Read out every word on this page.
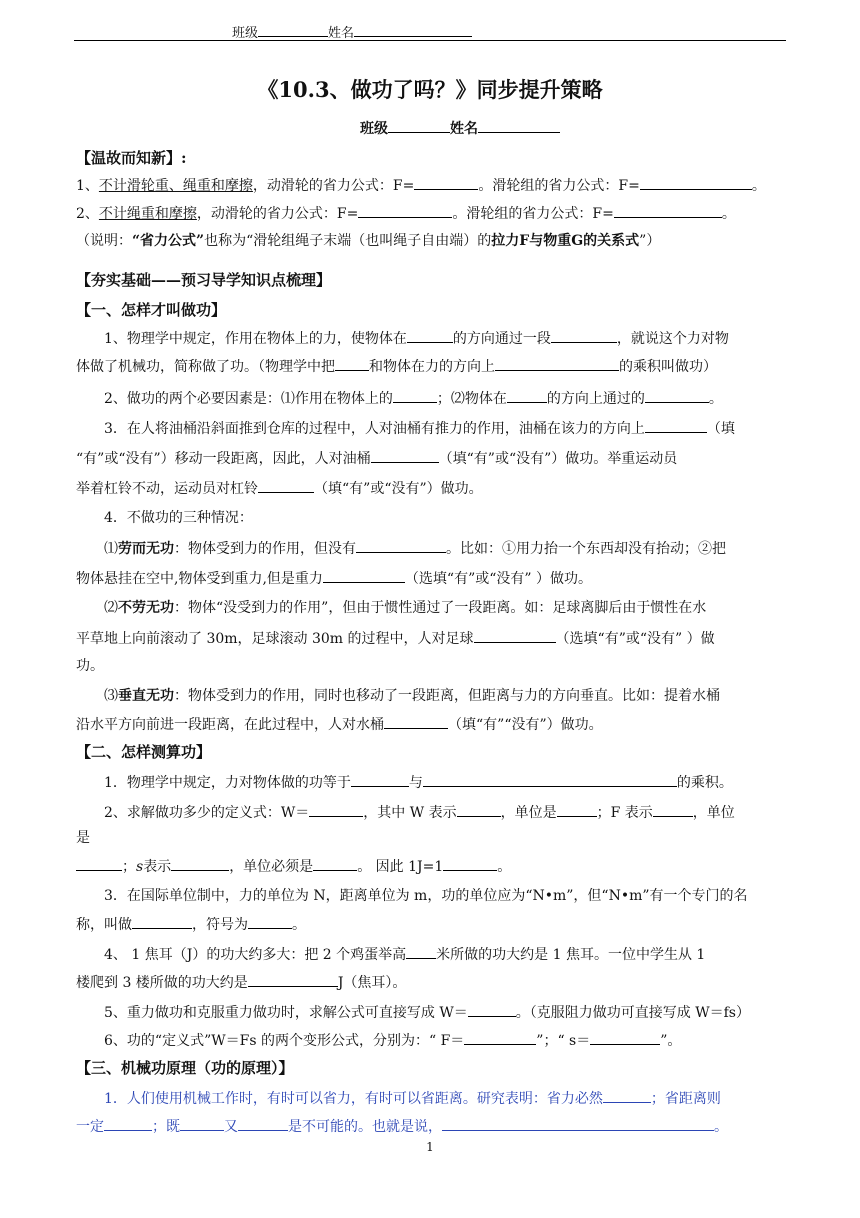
班级	姓名
《10.3、做功了吗？》同步提升策略
班级	姓名
【温故而知新】:
1、不计滑轮重、绳重和摩擦，动滑轮的省力公式：F=	。滑轮组的省力公式：F=	。
2、不计绳重和摩擦，动滑轮的省力公式：F=	。滑轮组的省力公式：F=	。
（说明：“省力公式”也称为“滑轮组绳子末端（也叫绳子自由端）的拉力F与物重G的关系式”）
【夯实基础——预习导学知识点梳理】
【一、怎样才叫做功】
1、物理学中规定，作用在物体上的力，使物体在	的方向通过一段	，就说这个力对物
体做了机械功，简称做了功。（物理学中把 和物体在力的方向上	的乘积叫做功）
2、做功的两个必要因素是：⑴作用在物体上的	；⑵物体在	的方向上通过的	。
3．在人将油桶沿斜面推到仓库的过程中，人对油桶有推力的作用，油桶在该力的方向上	（填
“有”或“没有”）移动一段距离，因此，人对油桶	（填“有”或“没有”）做功。举重运动员
举着杠铃不动，运动员对杠铃	（填“有”或“没有”）做功。
4．不做功的三种情况：
⑴劳而无功：物体受到力的作用，但没有	。比如：①用力抬一个东西却没有抬动；②把
物体悬挂在空中,物体受到重力,但是重力	（选填“有”或“没有” ）做功。
⑵不劳无功：物体“没受到力的作用”，但由于惯性通过了一段距离。如：足球离脚后由于惯性在水
平草地上向前滚动了 30m，足球滚动 30m 的过程中，人对足球	（选填“有”或“没有” ）做
功。
⑶垂直无功：物体受到力的作用，同时也移动了一段距离，但距离与力的方向垂直。比如：提着水桶
沿水平方向前进一段距离，在此过程中，人对水桶	（填“有”“没有”）做功。
【二、怎样测算功】
1．物理学中规定，力对物体做的功等于	与	的乘积。
2、求解做功多少的定义式：W＝	，其中 W 表示	，单位是	；F 表示	，单位
是
；s表示	，单位必须是	。 因此 1J=1	。
3．在国际单位制中，力的单位为 N，距离单位为 m，功的单位应为“N•m”，但“N•m”有一个专门的名
称，叫做	，符号为	。
4、 1 焦耳（J）的功大约多大：把 2 个鸡蛋举高 米所做的功大约是 1 焦耳。一位中学生从 1
楼爬到 3 楼所做的功大约是	J（焦耳）。
5、重力做功和克服重力做功时，求解公式可直接写成 W＝	。（克服阻力做功可直接写成 W＝fs）
6、功的“定义式”W＝Fs 的两个变形公式，分别为：“ F＝	”；“ s＝	”。
【三、机械功原理（功的原理）】
1．人们使用机械工作时，有时可以省力，有时可以省距离。研究表明：省力必然	；省距离则
一定	；既	又	是不可能的。也就是说，	。
1
